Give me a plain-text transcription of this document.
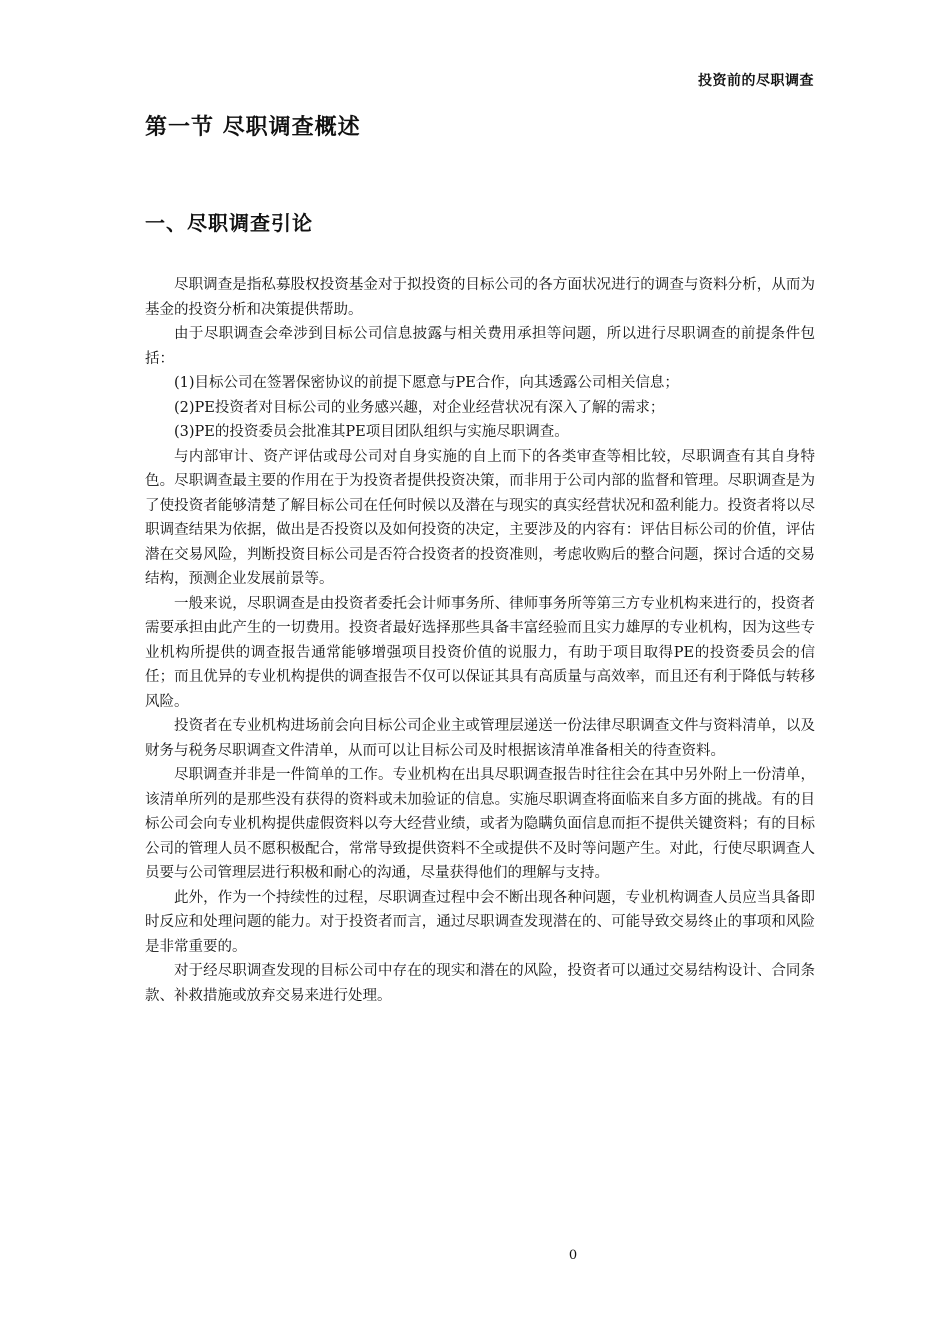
投资前的尽职调查
第一节 尽职调查概述
一、尽职调查引论

尽职调查是指私募股权投资基金对于拟投资的目标公司的各方面状况进行的调查与资料分析，从而为基金的投资分析和决策提供帮助。

由于尽职调查会牵涉到目标公司信息披露与相关费用承担等问题，所以进行尽职调查的前提条件包括：

(1)目标公司在签署保密协议的前提下愿意与PE合作，向其透露公司相关信息；

(2)PE投资者对目标公司的业务感兴趣，对企业经营状况有深入了解的需求；

(3)PE的投资委员会批准其PE项目团队组织与实施尽职调查。

与内部审计、资产评估或母公司对自身实施的自上而下的各类审查等相比较，尽职调查有其自身特色。尽职调查最主要的作用在于为投资者提供投资决策，而非用于公司内部的监督和管理。尽职调查是为了使投资者能够清楚了解目标公司在任何时候以及潜在与现实的真实经营状况和盈利能力。投资者将以尽职调查结果为依据，做出是否投资以及如何投资的决定，主要涉及的内容有：评估目标公司的价值，评估潜在交易风险，判断投资目标公司是否符合投资者的投资准则，考虑收购后的整合问题，探讨合适的交易结构，预测企业发展前景等。

一般来说，尽职调查是由投资者委托会计师事务所、律师事务所等第三方专业机构来进行的，投资者需要承担由此产生的一切费用。投资者最好选择那些具备丰富经验而且实力雄厚的专业机构，因为这些专业机构所提供的调查报告通常能够增强项目投资价值的说服力，有助于项目取得PE的投资委员会的信任；而且优异的专业机构提供的调查报告不仅可以保证其具有高质量与高效率，而且还有利于降低与转移风险。

投资者在专业机构进场前会向目标公司企业主或管理层递送一份法律尽职调查文件与资料清单，以及财务与税务尽职调查文件清单，从而可以让目标公司及时根据该清单准备相关的待查资料。

尽职调查并非是一件简单的工作。专业机构在出具尽职调查报告时往往会在其中另外附上一份清单，该清单所列的是那些没有获得的资料或未加验证的信息。实施尽职调查将面临来自多方面的挑战。有的目标公司会向专业机构提供虚假资料以夸大经营业绩，或者为隐瞒负面信息而拒不提供关键资料；有的目标公司的管理人员不愿积极配合，常常导致提供资料不全或提供不及时等问题产生。对此，行使尽职调查人员要与公司管理层进行积极和耐心的沟通，尽量获得他们的理解与支持。

此外，作为一个持续性的过程，尽职调查过程中会不断出现各种问题，专业机构调查人员应当具备即时反应和处理问题的能力。对于投资者而言，通过尽职调查发现潜在的、可能导致交易终止的事项和风险是非常重要的。

对于经尽职调查发现的目标公司中存在的现实和潜在的风险，投资者可以通过交易结构设计、合同条款、补救措施或放弃交易来进行处理。

0
